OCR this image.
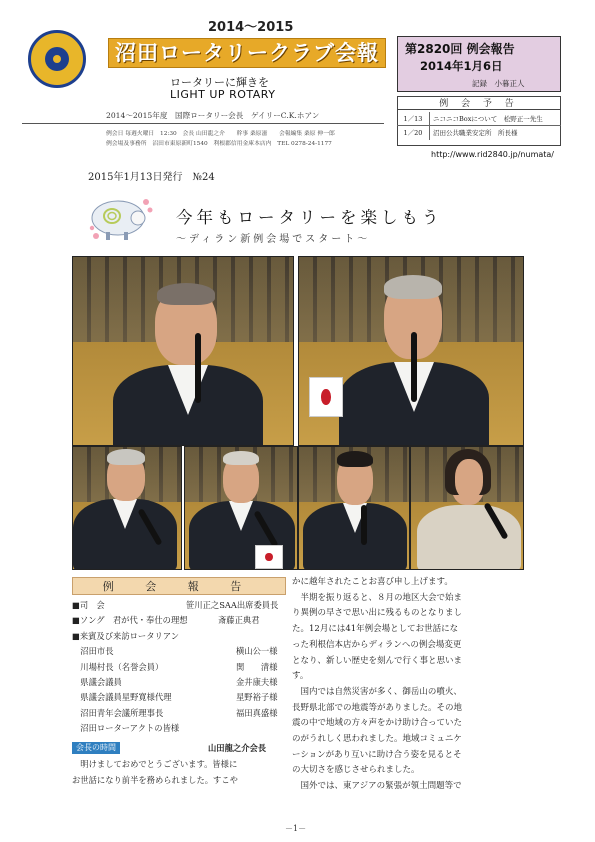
2014～2015
沼田ロータリークラブ会報
ロータリーに輝きを
LIGHT UP ROTARY
2014～2015年度　国際ロータリー会長　ゲイリーC.K.ホアン
例会日 毎週火曜日　12:30　会長 山田龍之介　　幹事 桑原滋　　会報編集 桑原 伸一郎
例会場及事務所　沼田市東原新町1540　利根郡信用金庫本店内　TEL 0278-24-1177
第2820回 例会報告
2014年1月6日
記録　小暮正人
例 会 予 告
1／13 ニコニコBoxについて　松野正一先生
1／20 沼田公共職業安定所　所長様
http://www.rid2840.jp/numata/
2015年1月13日発行　№24
今年もロータリーを楽しもう
～ディラン新例会場でスタート～
例 会 報 告
■司　会	笹川正之SAA出席委員長
■ソング　君が代・奉仕の理想	斎藤正典君
■来賓及び来訪ロータリアン
　沼田市長	横山公一様
　川場村長（名誉会員）	関　　清様
　県議会議員	金井康夫様
　県議会議員星野寛様代理	星野裕子様
　沼田青年会議所理事長	福田真盛様
　沼田ローターアクトの皆様
会長の時間	山田龍之介会長
　明けましておめでとうございます。皆様に
お世話になり前半を務められました。すこや
かに越年されたことお喜び申し上げます。
　半期を振り返ると、８月の地区大会で始ま
り異例の早さで思い出に残るものとなりまし
た。12月には41年例会場としてお世話にな
った利根信本店からディランへの例会場変更
となり、新しい歴史を刻んで行く事と思いま
す。
　国内では自然災害が多く、御岳山の噴火、
長野県北部での地震等がありました。その地
震の中で地域の方々声をかけ助け合っていた
のがうれしく思われました。地域コミュニケ
ーションがあり互いに助け合う姿を見るとそ
の大切さを感じさせられました。
　国外では、東アジアの緊張が領土問題等で
－1－
